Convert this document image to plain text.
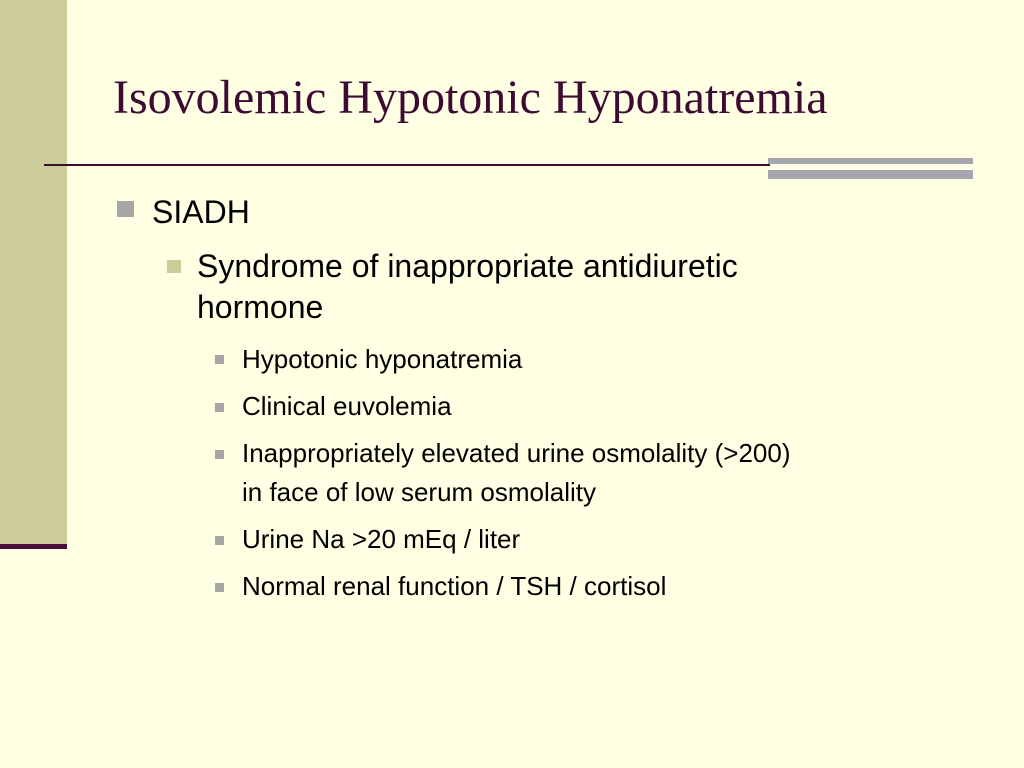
Isovolemic Hypotonic Hyponatremia

SIADH

Syndrome of inappropriate antidiuretic

hormone

Hypotonic hyponatremia

Clinical euvolemia

Inappropriately elevated urine osmolality (>200)

in face of low serum osmolality

Urine Na >20 mEq / liter

Normal renal function / TSH / cortisol
